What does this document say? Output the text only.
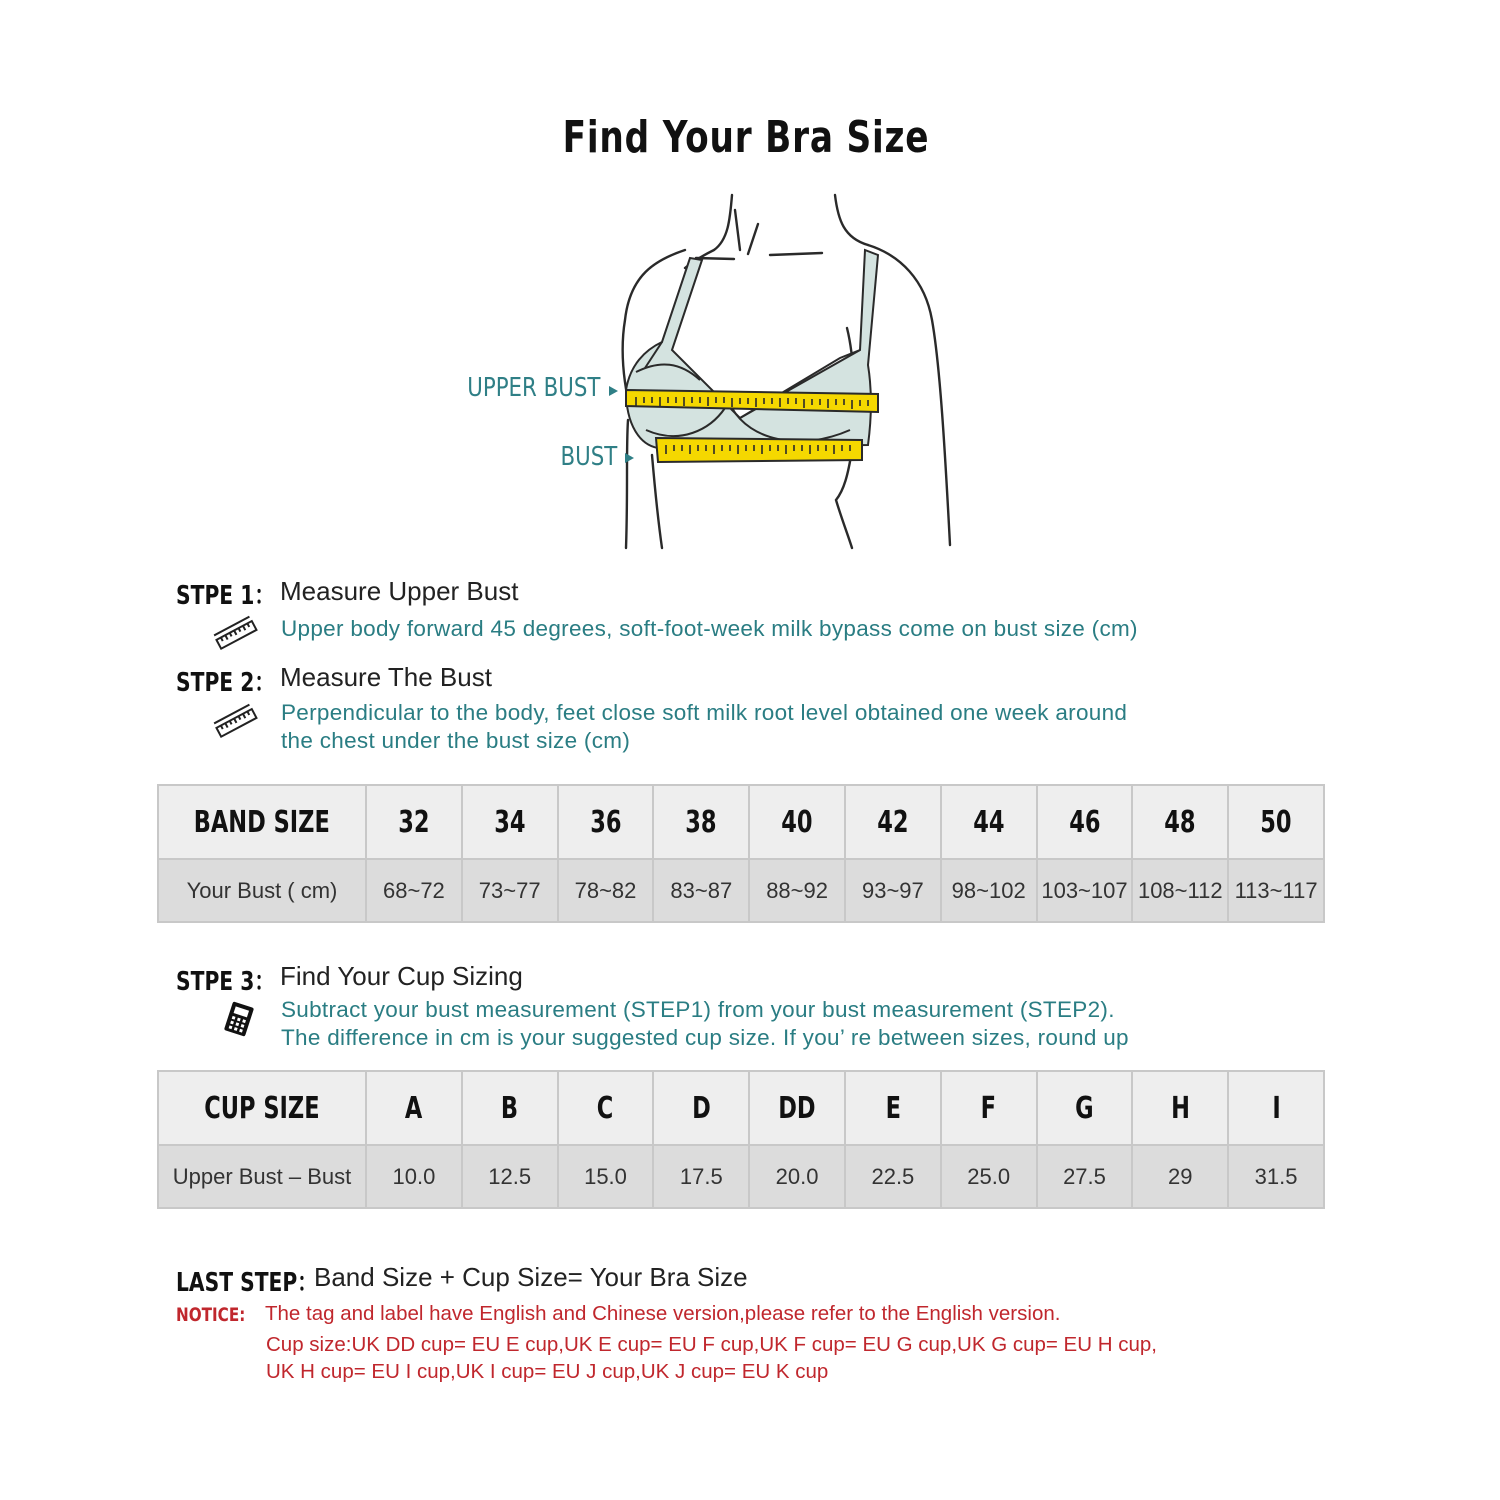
Find Your Bra Size
UPPER BUST
BUST
STPE 1： Measure Upper Bust
Upper body forward 45 degrees, soft-foot-week milk bypass come on bust size (cm)
STPE 2： Measure The Bust
Perpendicular to the body, feet close soft milk root level obtained one week around
the chest under the bust size (cm)
BAND SIZE	32	34	36	38	40	42	44	46	48	50
Your Bust ( cm)	68~72	73~77	78~82	83~87	88~92	93~97	98~102	103~107	108~112	113~117
STPE 3： Find Your Cup Sizing
Subtract your bust measurement (STEP1) from your bust measurement (STEP2).
The difference in cm is your suggested cup size. If you’ re between sizes, round up
CUP SIZE	A	B	C	D	DD	E	F	G	H	I
Upper Bust – Bust	10.0	12.5	15.0	17.5	20.0	22.5	25.0	27.5	29	31.5
LAST STEP：
Band Size + Cup Size= Your Bra Size
NOTICE: The tag and label have English and Chinese version,please refer to the English version.
Cup size:UK DD cup= EU E cup,UK E cup= EU F cup,UK F cup= EU G cup,UK G cup= EU H cup,
UK H cup= EU I cup,UK I cup= EU J cup,UK J cup= EU K cup
